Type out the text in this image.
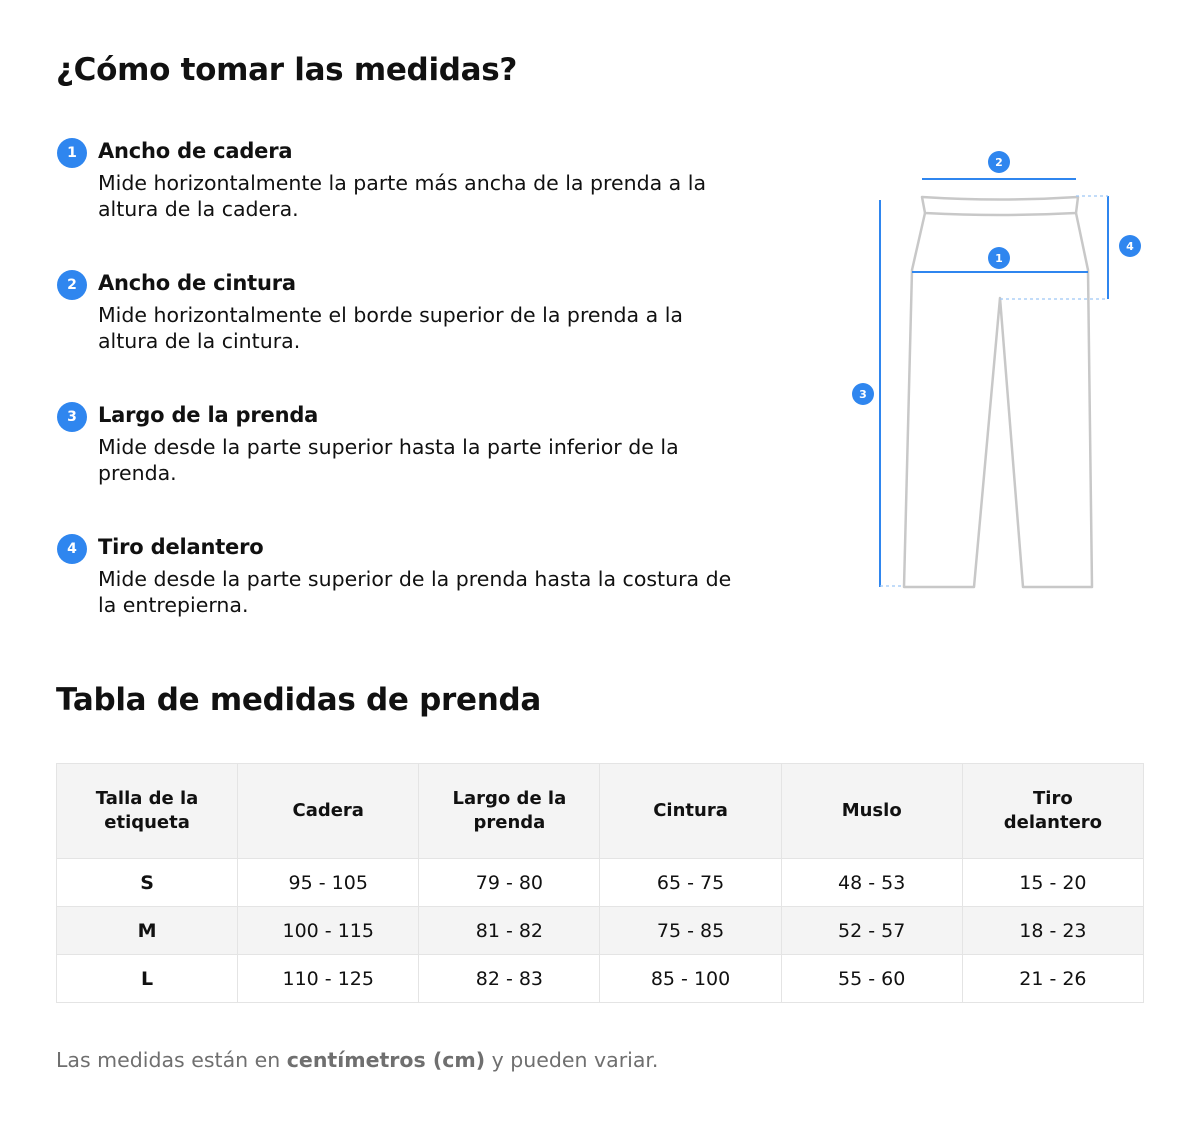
¿Cómo tomar las medidas?
1	Ancho de cadera
Mide horizontalmente la parte más ancha de la prenda a la altura de la cadera.
2	Ancho de cintura
Mide horizontalmente el borde superior de la prenda a la altura de la cintura.
3	Largo de la prenda
Mide desde la parte superior hasta la parte inferior de la prenda.
4	Tiro delantero
Mide desde la parte superior de la prenda hasta la costura de la entrepierna.
1
2
3
4
Tabla de medidas de prenda
Talla de la etiqueta	Cadera	Largo de la prenda	Cintura	Muslo	Tiro delantero
S	95 - 105	79 - 80	65 - 75	48 - 53	15 - 20
M	100 - 115	81 - 82	75 - 85	52 - 57	18 - 23
L	110 - 125	82 - 83	85 - 100	55 - 60	21 - 26

Las medidas están en centímetros (cm) y pueden variar.
